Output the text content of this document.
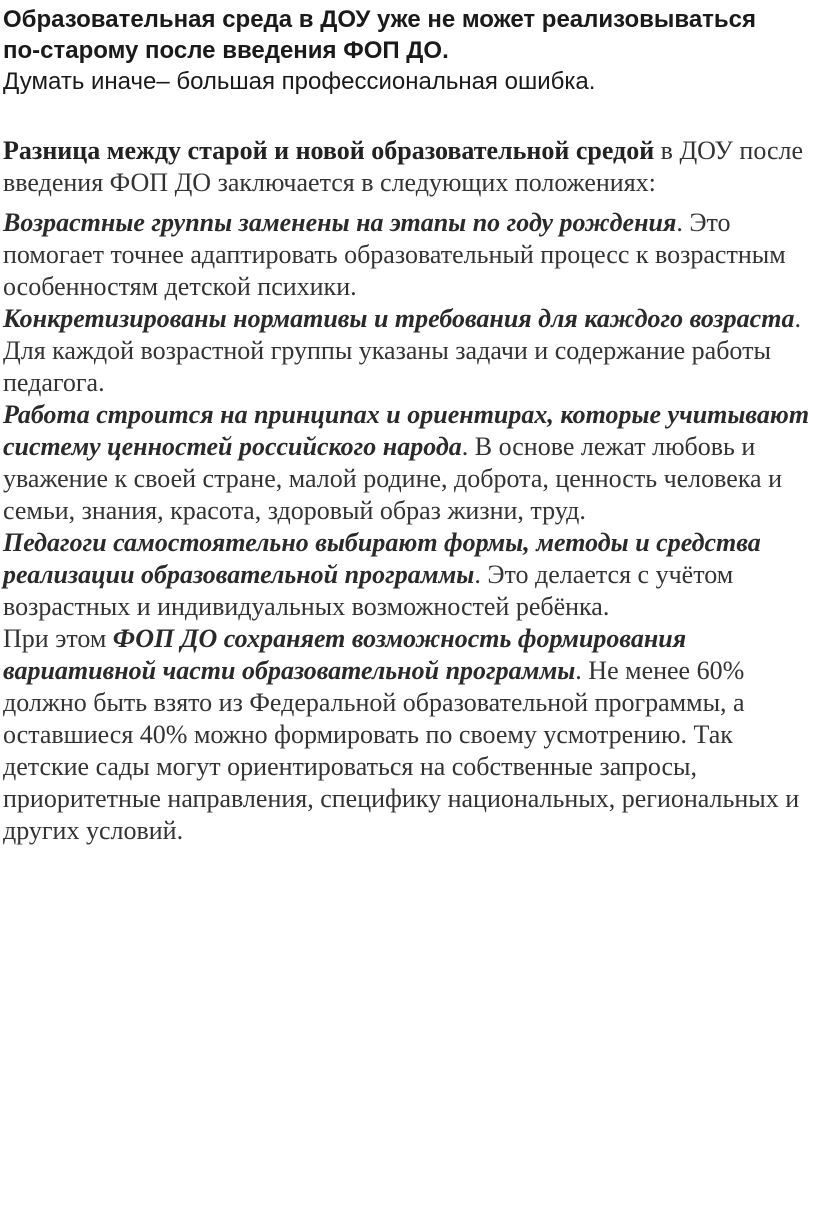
Образовательная среда в ДОУ уже не может реализовываться
по-старому после введения ФОП ДО.

Думать иначе– большая профессиональная ошибка.

Разница между старой и новой образовательной средой в ДОУ после введения ФОП ДО заключается в следующих положениях:

Возрастные группы заменены на этапы по году рождения. Это помогает точнее адаптировать образовательный процесс к возрастным особенностям детской психики.

Конкретизированы нормативы и требования для каждого возраста. Для каждой возрастной группы указаны задачи и содержание работы педагога.

Работа строится на принципах и ориентирах, которые учитывают систему ценностей российского народа. В основе лежат любовь и уважение к своей стране, малой родине, доброта, ценность человека и семьи, знания, красота, здоровый образ жизни, труд.

Педагоги самостоятельно выбирают формы, методы и средства реализации образовательной программы. Это делается с учётом возрастных и индивидуальных возможностей ребёнка.

При этом ФОП ДО сохраняет возможность формирования вариативной части образовательной программы. Не менее 60% должно быть взято из Федеральной образовательной программы, а оставшиеся 40% можно формировать по своему усмотрению. Так детские сады могут ориентироваться на собственные запросы, приоритетные направления, специфику национальных, региональных и других условий.
